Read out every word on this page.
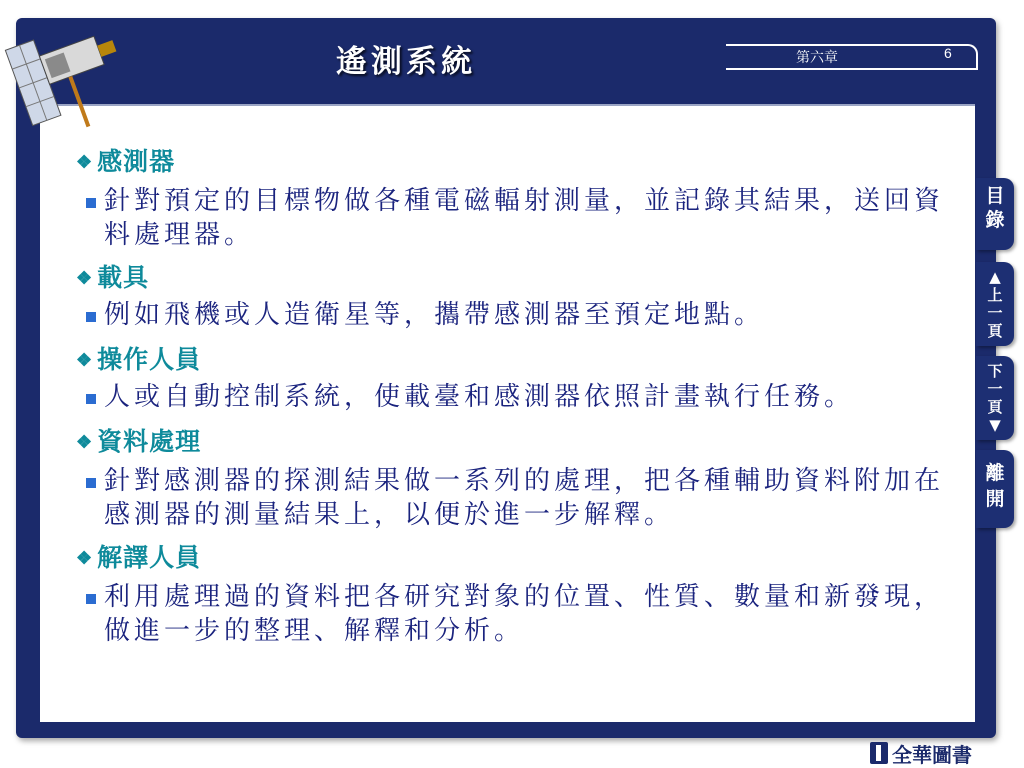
遙測系統	第六章	6
❖ 感測器
針對預定的目標物做各種電磁輻射測量，並記錄其結果，送回資料處理器。
❖ 載具
例如飛機或人造衛星等，攜帶感測器至預定地點。
❖ 操作人員
人或自動控制系統，使載臺和感測器依照計畫執行任務。
❖ 資料處理
針對感測器的探測結果做一系列的處理，把各種輔助資料附加在感測器的測量結果上，以便於進一步解釋。
❖ 解譯人員
利用處理過的資料把各研究對象的位置、性質、數量和新發現，做進一步的整理、解釋和分析。
目錄
▲上一頁
下一頁▼
離開
全華圖書
